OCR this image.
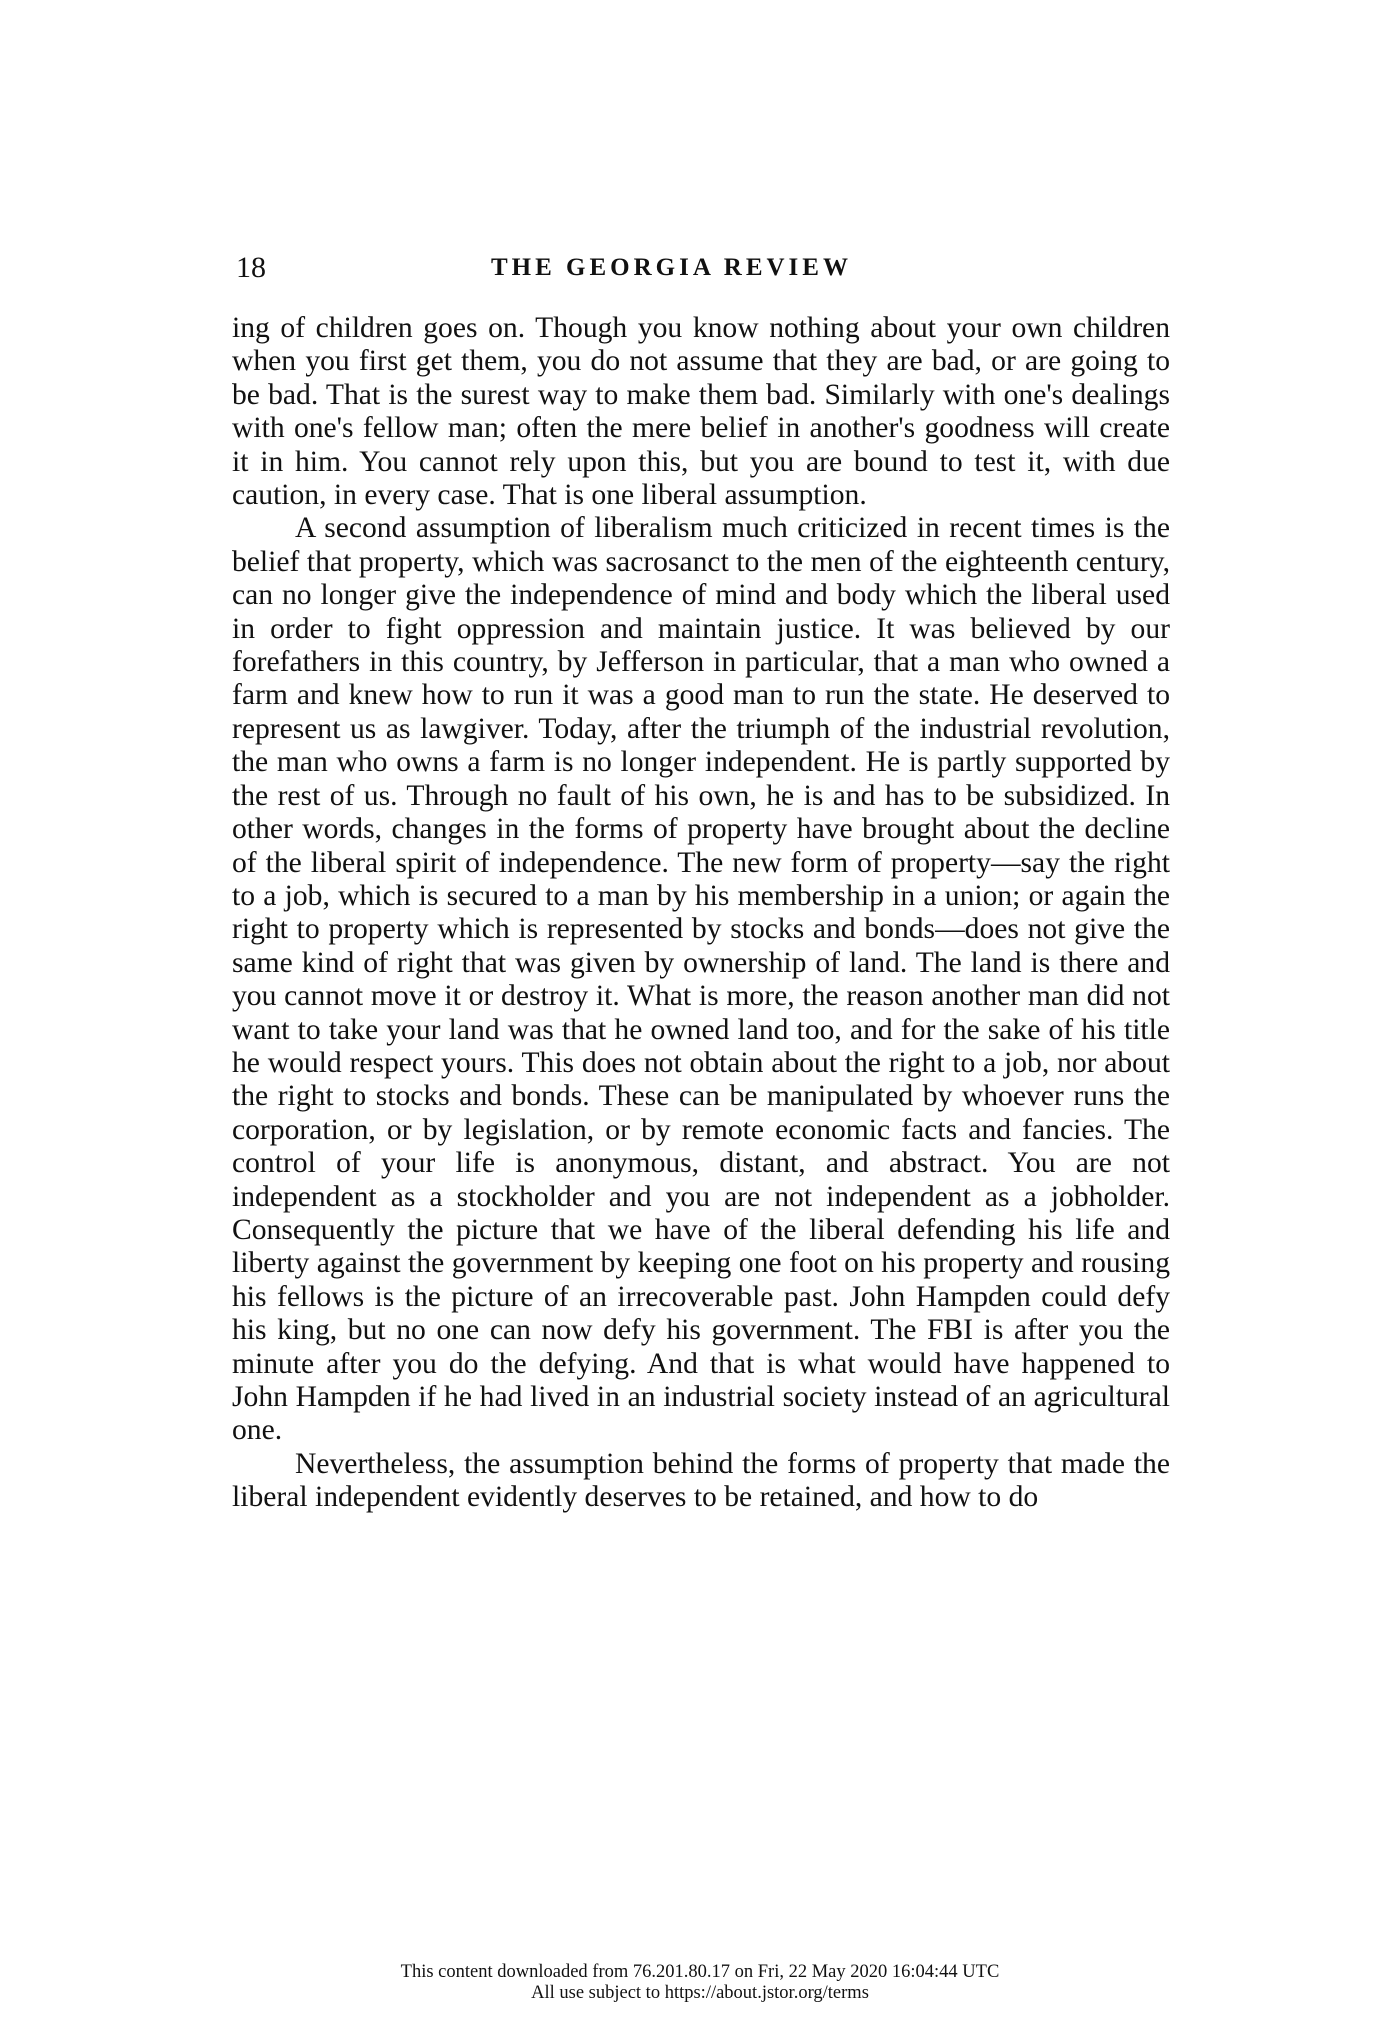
18	THE GEORGIA REVIEW

ing of children goes on. Though you know nothing about your own children when you first get them, you do not assume that they are bad, or are going to be bad. That is the surest way to make them bad. Similarly with one's dealings with one's fellow man; often the mere belief in another's goodness will create it in him. You cannot rely upon this, but you are bound to test it, with due caution, in every case. That is one liberal assumption.

A second assumption of liberalism much criticized in recent times is the belief that property, which was sacrosanct to the men of the eighteenth century, can no longer give the independence of mind and body which the liberal used in order to fight oppression and maintain justice. It was believed by our forefathers in this country, by Jefferson in particular, that a man who owned a farm and knew how to run it was a good man to run the state. He deserved to represent us as lawgiver. Today, after the triumph of the industrial revolution, the man who owns a farm is no longer independent. He is partly supported by the rest of us. Through no fault of his own, he is and has to be subsidized. In other words, changes in the forms of property have brought about the decline of the liberal spirit of independence. The new form of property—say the right to a job, which is secured to a man by his membership in a union; or again the right to property which is represented by stocks and bonds—does not give the same kind of right that was given by ownership of land. The land is there and you cannot move it or destroy it. What is more, the reason another man did not want to take your land was that he owned land too, and for the sake of his title he would respect yours. This does not obtain about the right to a job, nor about the right to stocks and bonds. These can be manipulated by whoever runs the corporation, or by legislation, or by remote economic facts and fancies. The control of your life is anonymous, distant, and abstract. You are not independent as a stockholder and you are not independent as a jobholder. Consequently the picture that we have of the liberal defending his life and liberty against the government by keeping one foot on his property and rousing his fellows is the picture of an irrecoverable past. John Hampden could defy his king, but no one can now defy his government. The FBI is after you the minute after you do the defying. And that is what would have happened to John Hampden if he had lived in an industrial society instead of an agricultural one.

Nevertheless, the assumption behind the forms of property that made the liberal independent evidently deserves to be retained, and how to do

This content downloaded from 76.201.80.17 on Fri, 22 May 2020 16:04:44 UTC
All use subject to https://about.jstor.org/terms
